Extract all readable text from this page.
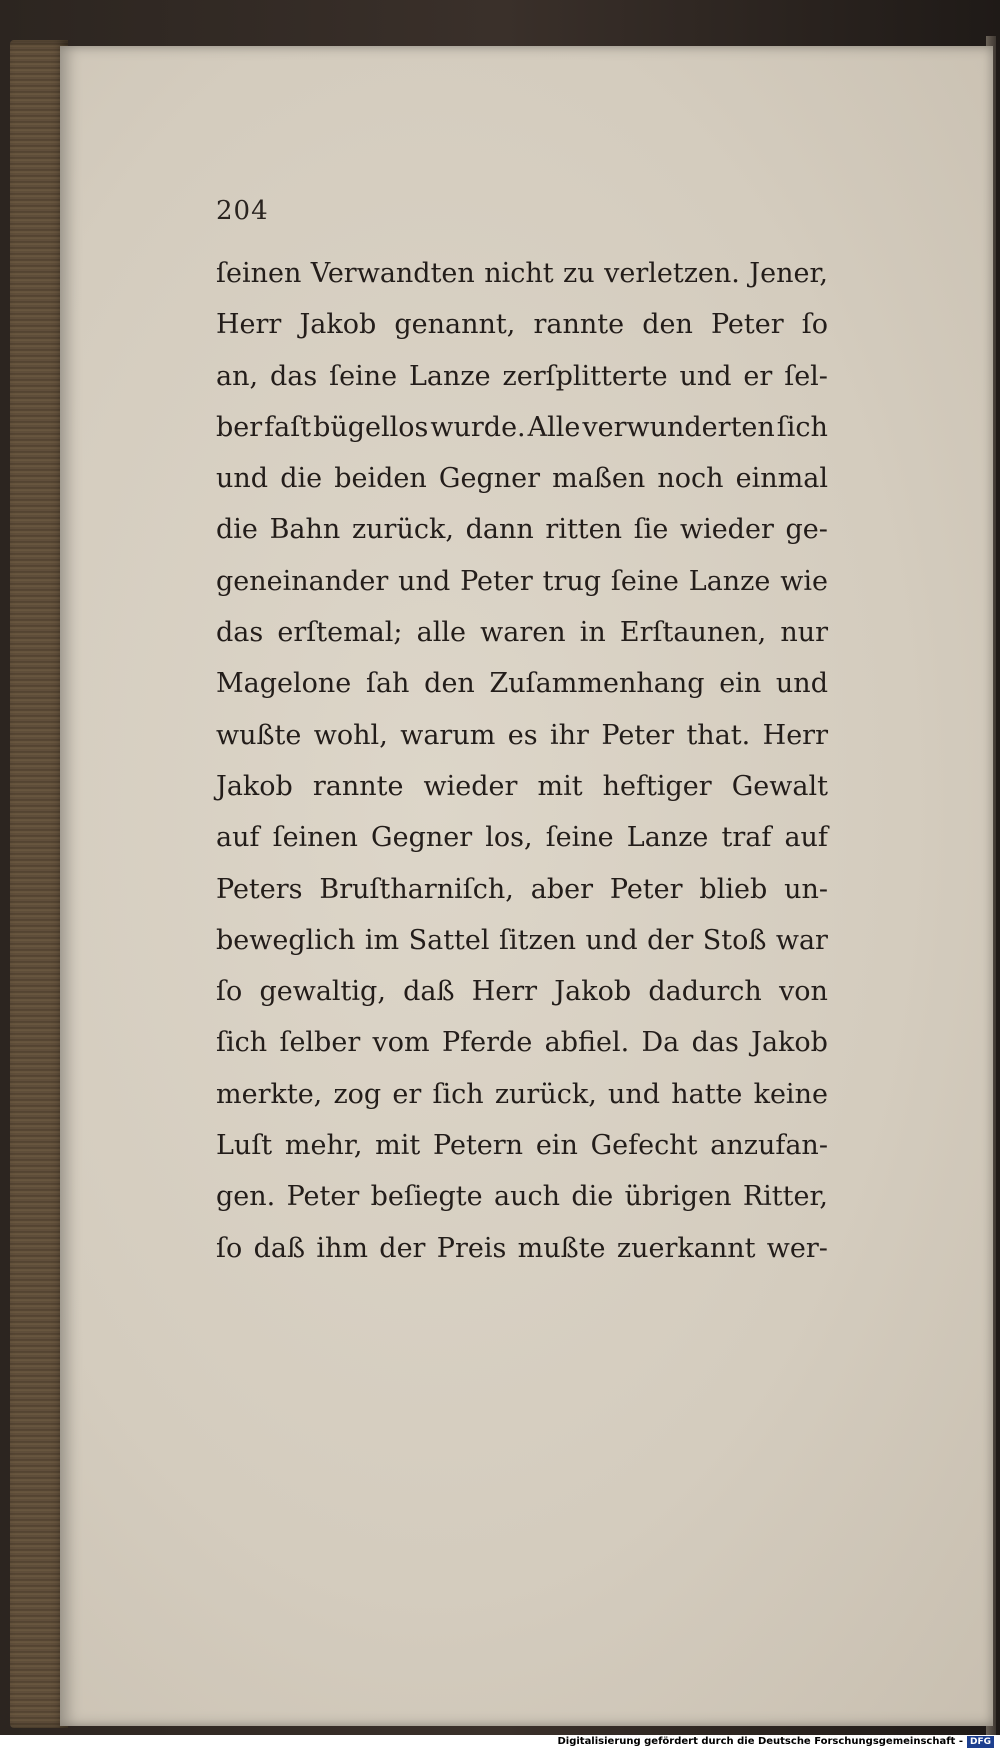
204
ſeinen Verwandten nicht zu verletzen. Jener,
Herr Jakob genannt, rannte den Peter ſo
an, das ſeine Lanze zerſplitterte und er ſel-
ber faſt bügellos wurde. Alle verwunderten ſich
und die beiden Gegner maßen noch einmal
die Bahn zurück, dann ritten ſie wieder ge-
geneinander und Peter trug ſeine Lanze wie
das erſtemal; alle waren in Erſtaunen, nur
Magelone ſah den Zuſammenhang ein und
wußte wohl, warum es ihr Peter that. Herr
Jakob rannte wieder mit heftiger Gewalt
auf ſeinen Gegner los, ſeine Lanze traf auf
Peters Bruſtharniſch, aber Peter blieb un-
beweglich im Sattel ſitzen und der Stoß war
ſo gewaltig, daß Herr Jakob dadurch von
ſich ſelber vom Pferde abfiel. Da das Jakob
merkte, zog er ſich zurück, und hatte keine
Luſt mehr, mit Petern ein Gefecht anzufan-
gen. Peter beſiegte auch die übrigen Ritter,
ſo daß ihm der Preis mußte zuerkannt wer-
Digitalisierung gefördert durch die Deutsche Forschungsgemeinschaft - DFG
